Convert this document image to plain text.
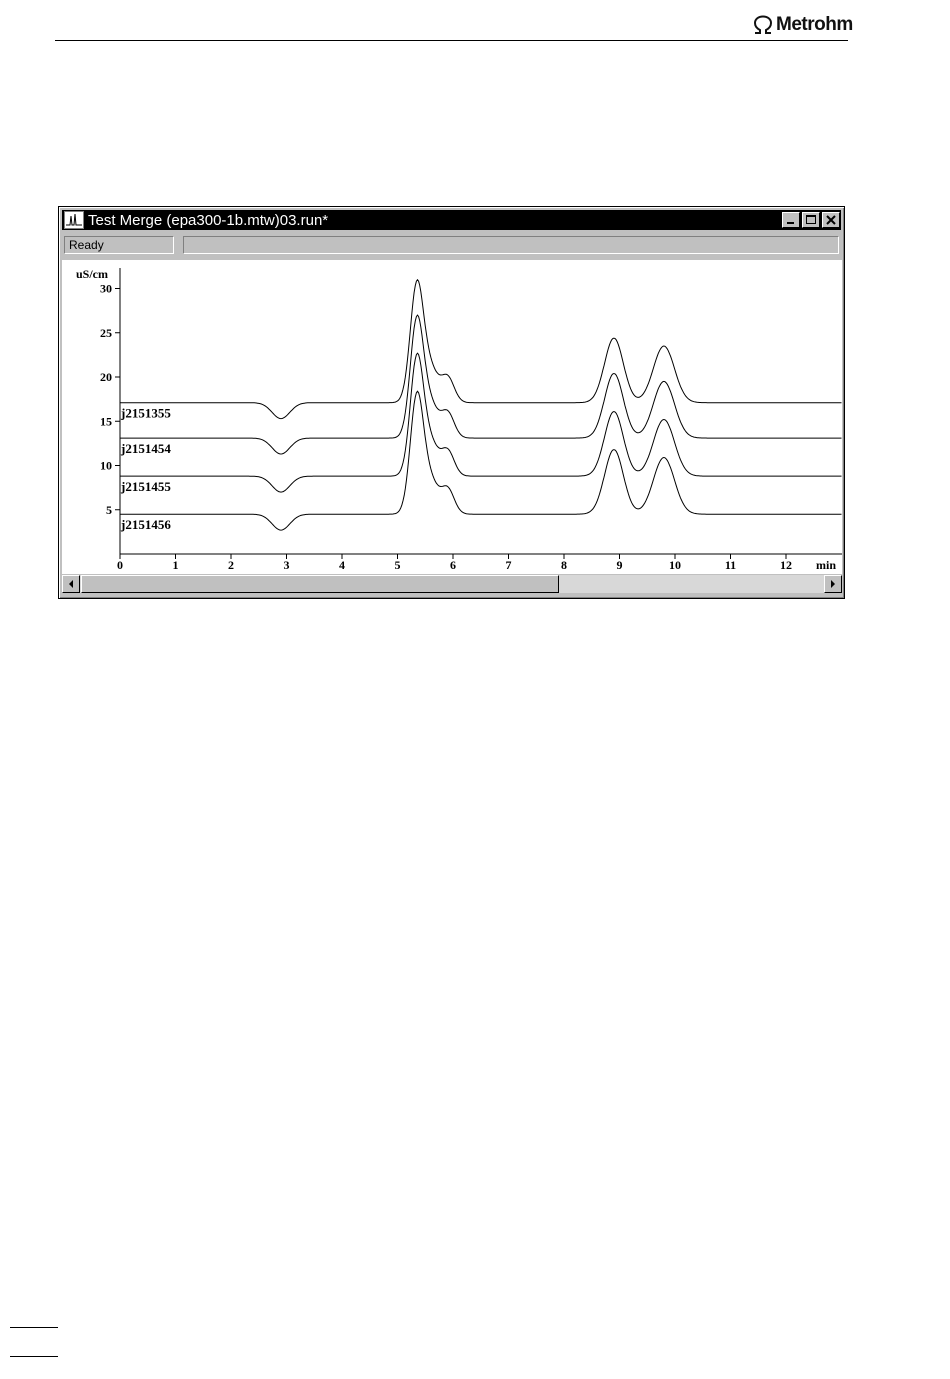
Metrohm
Test Merge (epa300-1b.mtw)03.run*
Ready
uS/cm
min
5
10
15
20
25
30
0	1	2	3	4	5	6	7	8	9	10	11	12
j2151355
j2151454
j2151455
j2151456
